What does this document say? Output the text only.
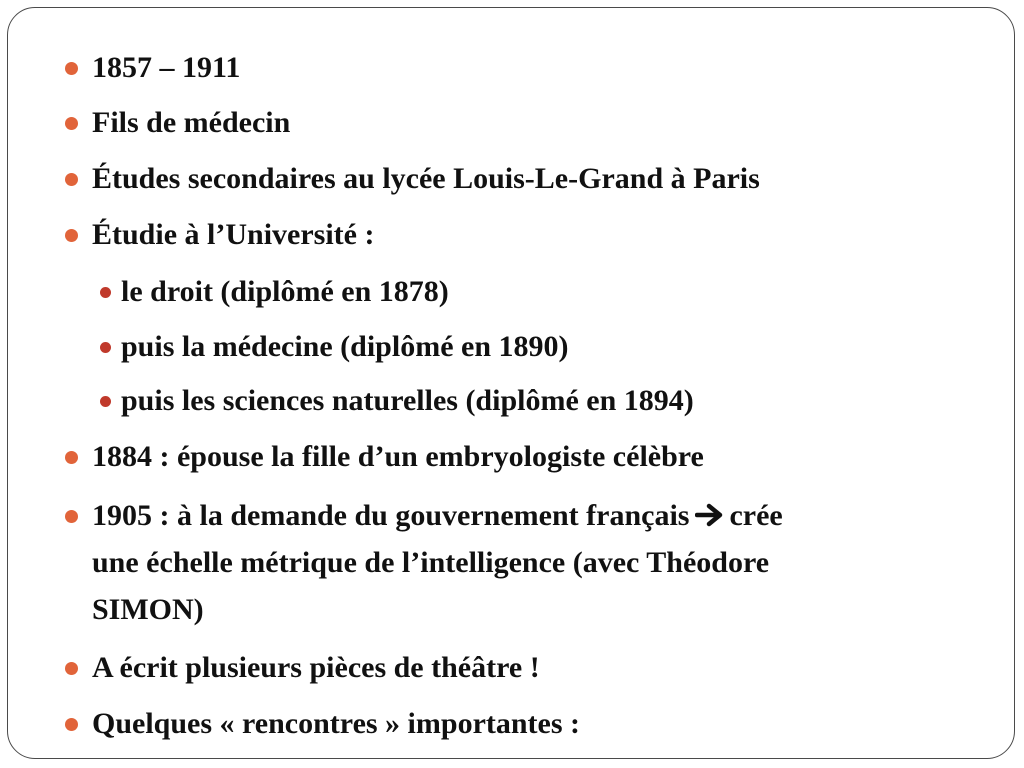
1857 – 1911
Fils de médecin
Études secondaires au lycée Louis-Le-Grand à Paris
Étudie à l’Université :
le droit (diplômé en 1878)
puis la médecine (diplômé en 1890)
puis les sciences naturelles (diplômé en 1894)
1884 : épouse la fille d’un embryologiste célèbre
1905 : à la demande du gouvernement français crée
une échelle métrique de l’intelligence (avec Théodore
SIMON)
A écrit plusieurs pièces de théâtre !
Quelques « rencontres » importantes :
